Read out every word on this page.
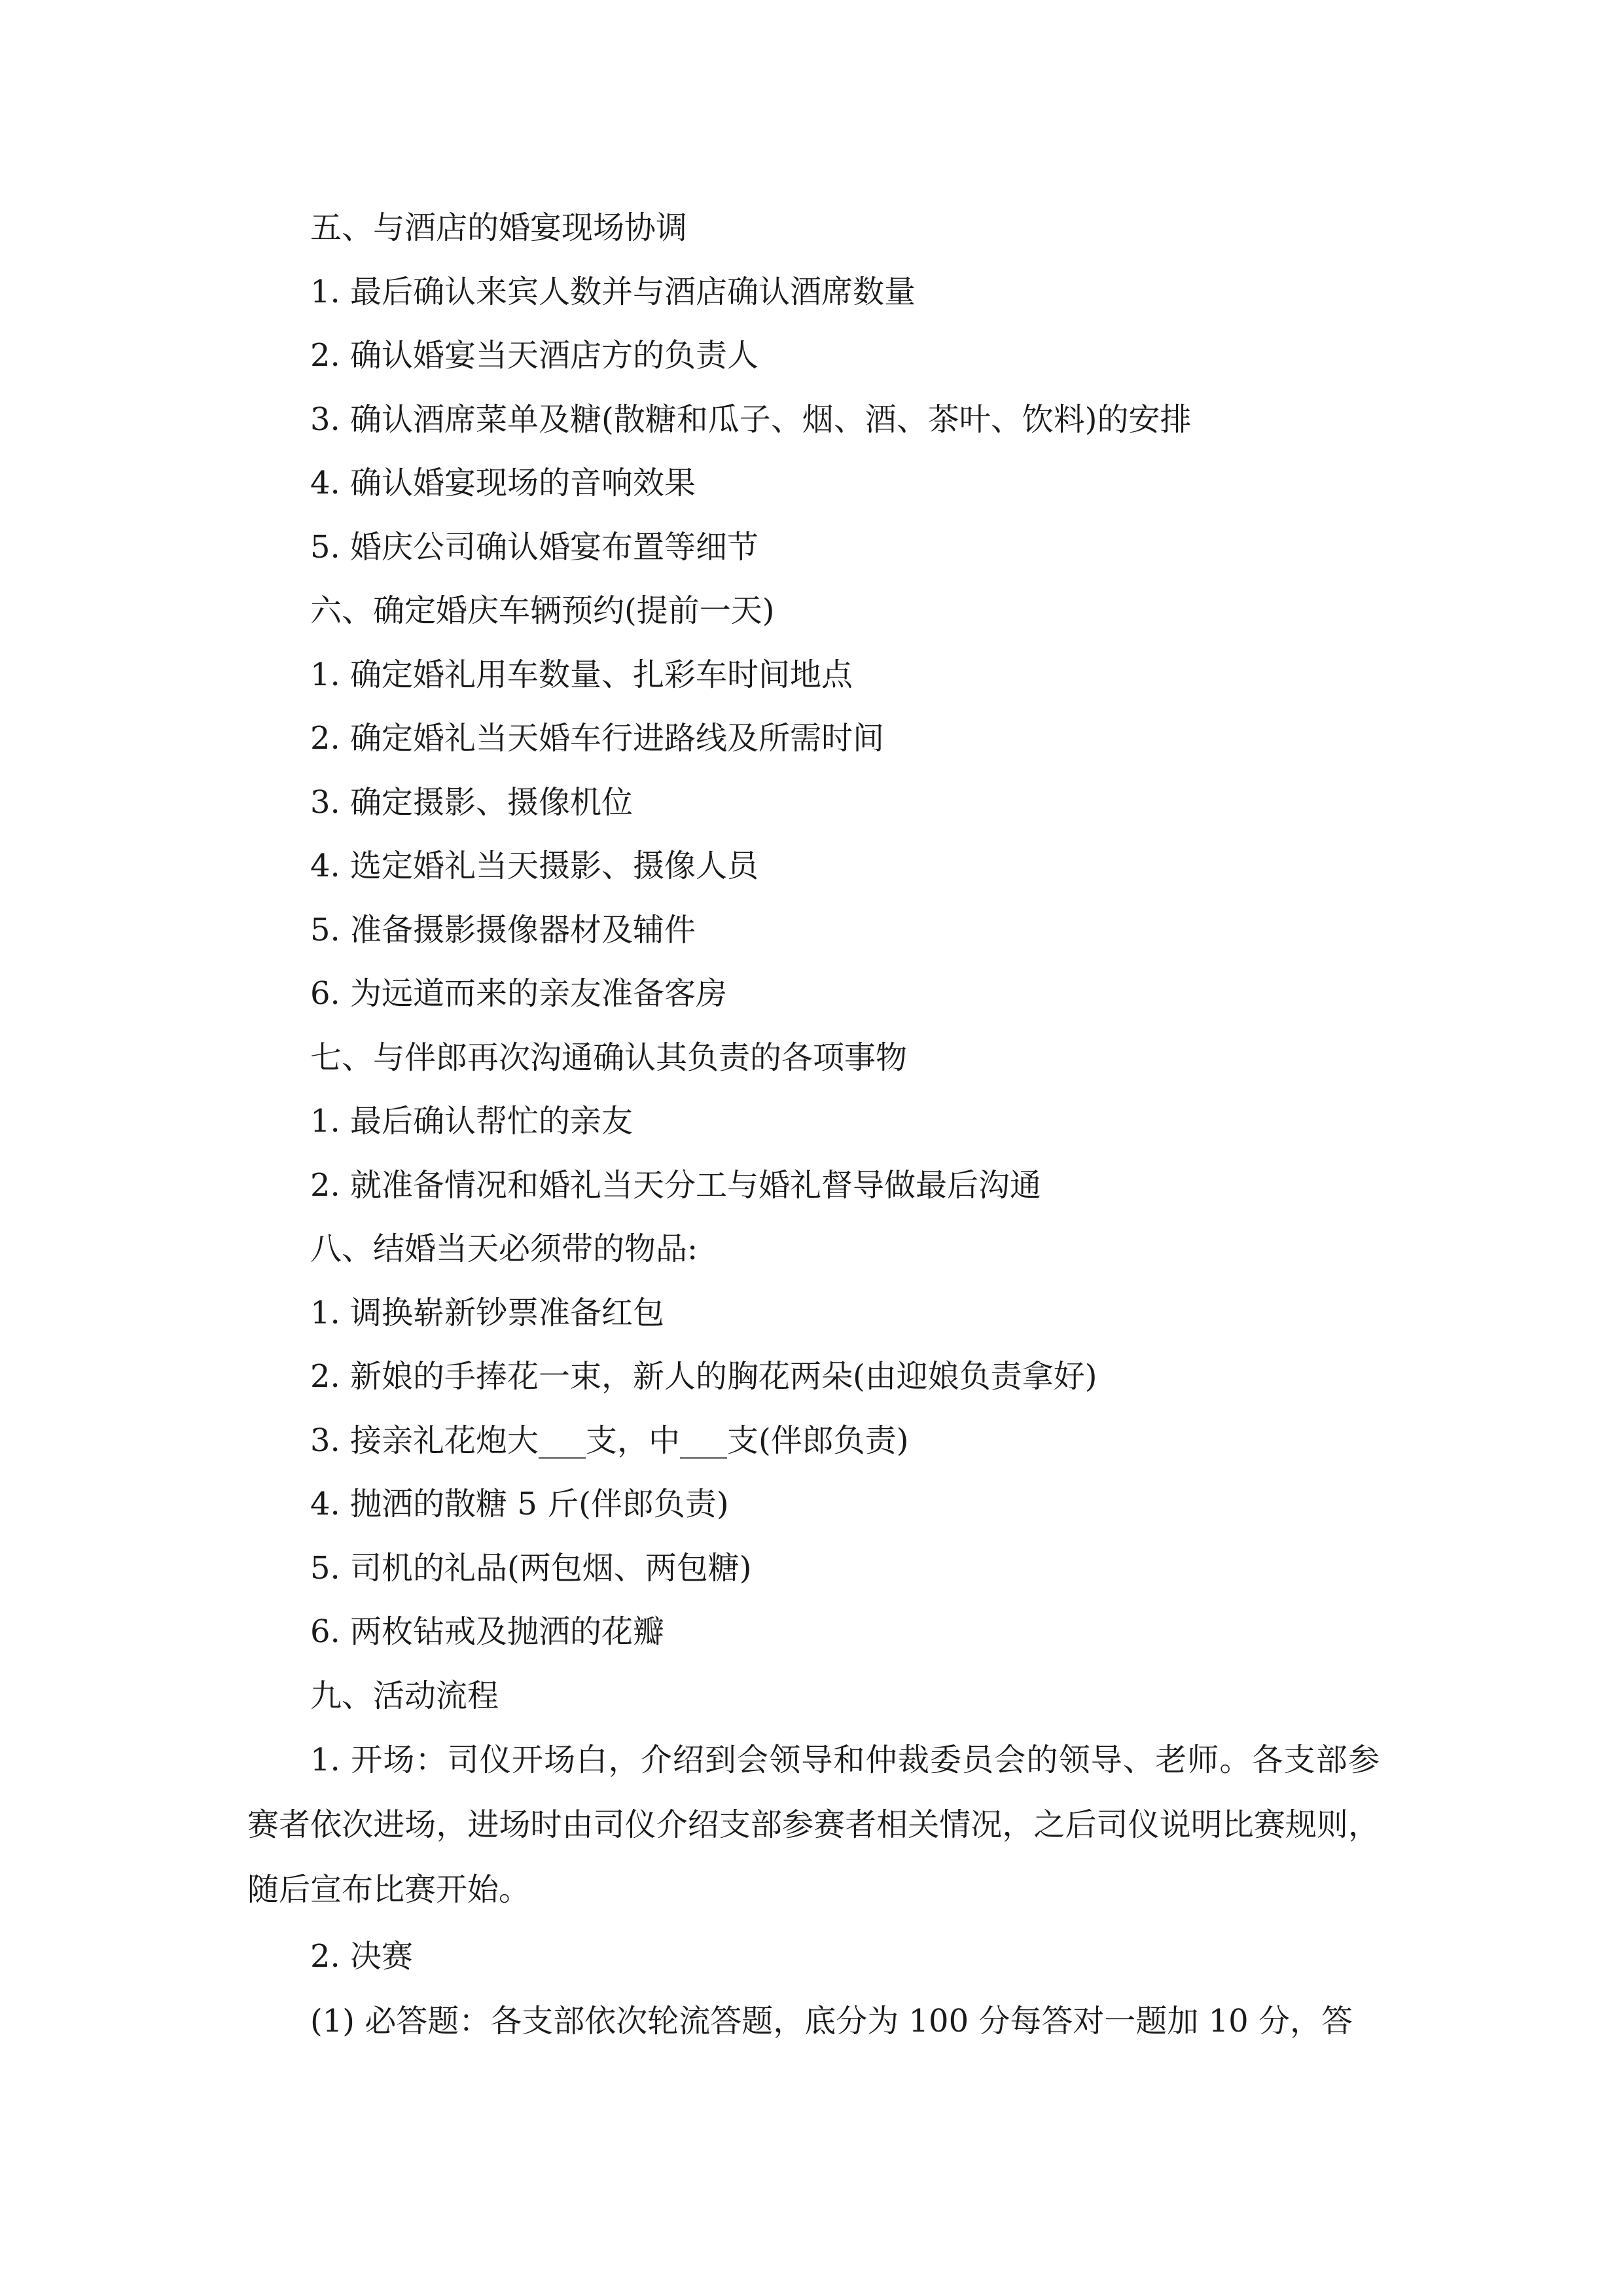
五、与酒店的婚宴现场协调
1. 最后确认来宾人数并与酒店确认酒席数量
2. 确认婚宴当天酒店方的负责人
3. 确认酒席菜单及糖(散糖和瓜子、烟、酒、茶叶、饮料)的安排
4. 确认婚宴现场的音响效果
5. 婚庆公司确认婚宴布置等细节
六、确定婚庆车辆预约(提前一天)
1. 确定婚礼用车数量、扎彩车时间地点
2. 确定婚礼当天婚车行进路线及所需时间
3. 确定摄影、摄像机位
4. 选定婚礼当天摄影、摄像人员
5. 准备摄影摄像器材及辅件
6. 为远道而来的亲友准备客房
七、与伴郎再次沟通确认其负责的各项事物
1. 最后确认帮忙的亲友
2. 就准备情况和婚礼当天分工与婚礼督导做最后沟通
八、结婚当天必须带的物品:
1. 调换崭新钞票准备红包
2. 新娘的手捧花一束，新人的胸花两朵(由迎娘负责拿好)
3. 接亲礼花炮大___支，中___支(伴郎负责)
4. 抛洒的散糖 5 斤(伴郎负责)
5. 司机的礼品(两包烟、两包糖)
6. 两枚钻戒及抛洒的花瓣
九、活动流程

1. 开场：司仪开场白，介绍到会领导和仲裁委员会的领导、老师。各支部参赛者依次进场，进场时由司仪介绍支部参赛者相关情况，之后司仪说明比赛规则，随后宣布比赛开始。

2. 决赛

(1) 必答题：各支部依次轮流答题，底分为 100 分每答对一题加 10 分，答
